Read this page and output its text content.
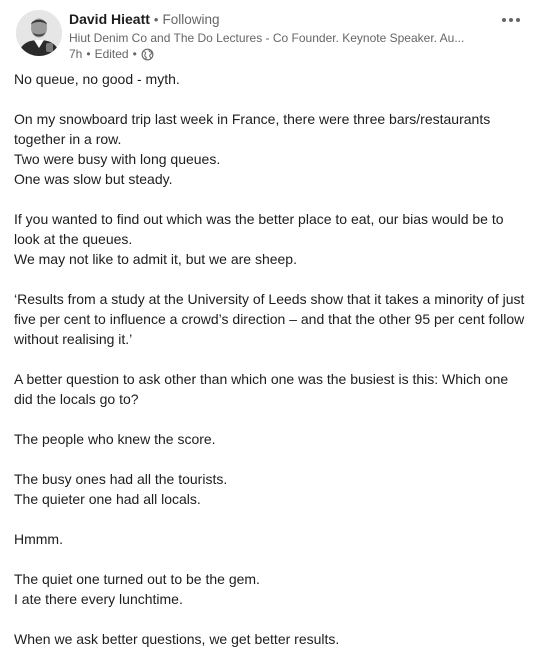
David Hieatt • Following
Hiut Denim Co and The Do Lectures - Co Founder. Keynote Speaker. Au...
7h • Edited •
No queue, no good - myth.
On my snowboard trip last week in France, there were three bars/restaurants together in a row.
Two were busy with long queues.
One was slow but steady.
If you wanted to find out which was the better place to eat, our bias would be to look at the queues.
We may not like to admit it, but we are sheep.
‘Results from a study at the University of Leeds show that it takes a minority of just five per cent to influence a crowd’s direction – and that the other 95 per cent follow without realising it.’
A better question to ask other than which one was the busiest is this: Which one did the locals go to?
The people who knew the score.
The busy ones had all the tourists.
The quieter one had all locals.
Hmmm.
The quiet one turned out to be the gem.
I ate there every lunchtime.
When we ask better questions, we get better results.
